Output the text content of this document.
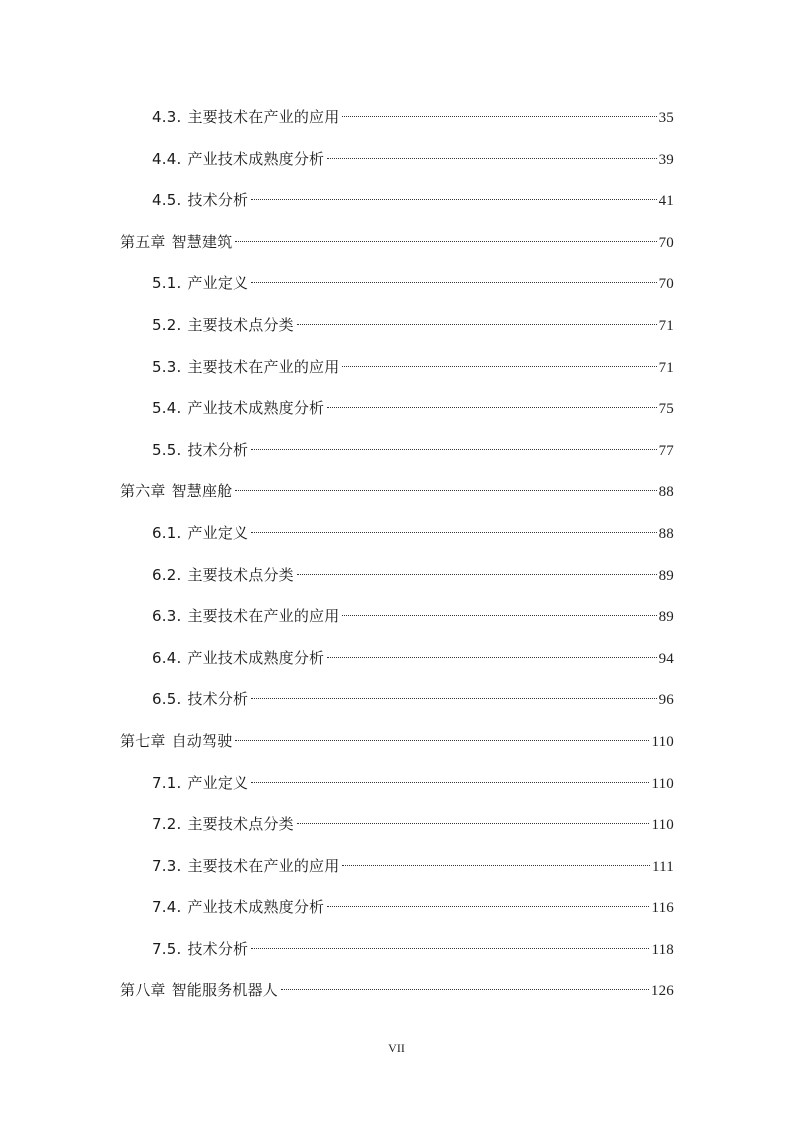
4.3. 主要技术在产业的应用	35
4.4. 产业技术成熟度分析	39
4.5. 技术分析	41
第五章 智慧建筑	70
5.1. 产业定义	70
5.2. 主要技术点分类	71
5.3. 主要技术在产业的应用	71
5.4. 产业技术成熟度分析	75
5.5. 技术分析	77
第六章 智慧座舱	88
6.1. 产业定义	88
6.2. 主要技术点分类	89
6.3. 主要技术在产业的应用	89
6.4. 产业技术成熟度分析	94
6.5. 技术分析	96
第七章 自动驾驶	110
7.1. 产业定义	110
7.2. 主要技术点分类	110
7.3. 主要技术在产业的应用	111
7.4. 产业技术成熟度分析	116
7.5. 技术分析	118
第八章 智能服务机器人	126
VII
